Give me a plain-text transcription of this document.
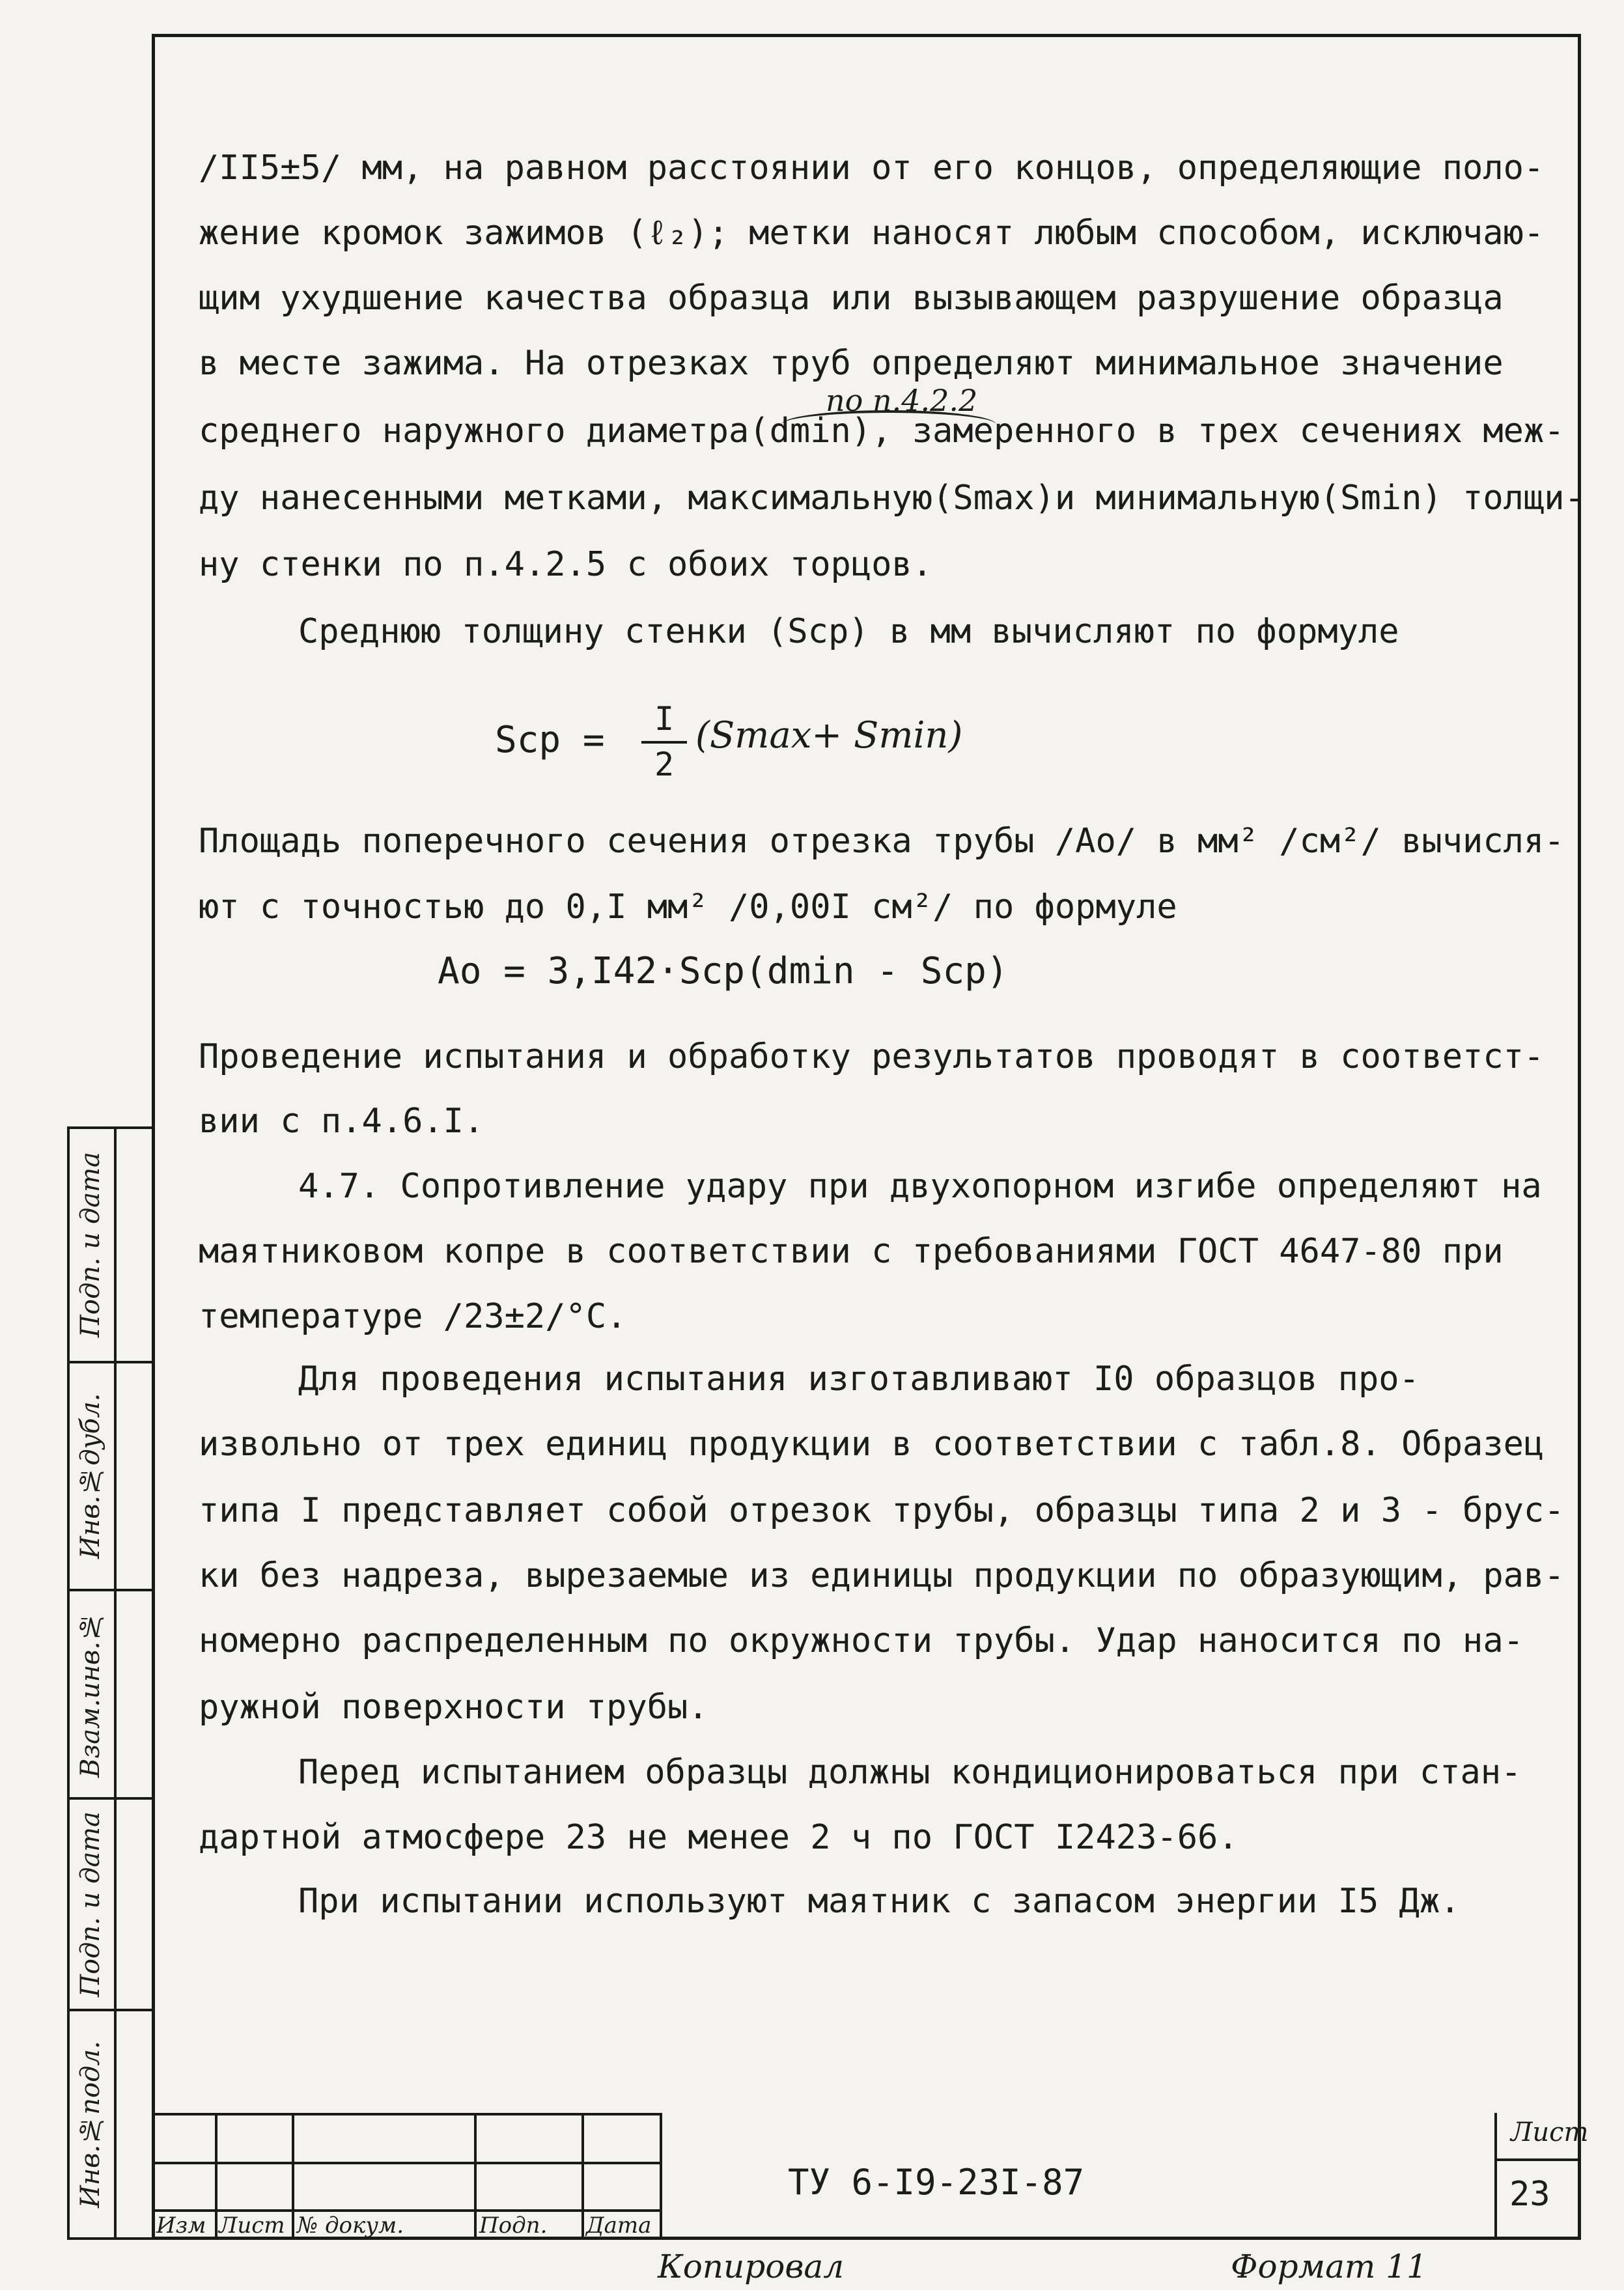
по п.4.2.2
/II5±5/ мм, на равном расстоянии от его концов, определяющие поло-
жение кромок зажимов (ℓ₂); метки наносят любым способом, исключаю-
щим ухудшение качества образца или вызывающем разрушение образца
в месте зажима. На отрезках труб определяют минимальное значение
среднего наружного диаметра(dmin), замеренного в трех сечениях меж-
ду нанесенными метками, максимальную(Smax)и минимальную(Smin) толщи-
ну стенки по п.4.2.5 с обоих торцов.
Среднюю толщину стенки (Sср) в мм вычисляют по формуле
Sср = I
2
(Smax+ Smin)
Площадь поперечного сечения отрезка трубы /Ао/ в мм² /см²/ вычисля-
ют с точностью до 0,I мм² /0,00I см²/ по формуле
Ao = 3,I42·Sср(dmin - Sср)
Проведение испытания и обработку результатов проводят в соответст-
вии с п.4.6.I.
4.7. Сопротивление удару при двухопорном изгибе определяют на
маятниковом копре в соответствии с требованиями ГОСТ 4647-80 при
температуре /23±2/°С.
Для проведения испытания изготавливают I0 образцов про-
извольно от трех единиц продукции в соответствии с табл.8. Образец
типа I представляет собой отрезок трубы, образцы типа 2 и 3 - брус-
ки без надреза, вырезаемые из единицы продукции по образующим, рав-
номерно распределенным по окружности трубы. Удар наносится по на-
ружной поверхности трубы.
Перед испытанием образцы должны кондиционироваться при стан-
дартной атмосфере 23 не менее 2 ч по ГОСТ I2423-66.
При испытании используют маятник с запасом энергии I5 Дж.
Подп. и дата
Инв.№дубл.
Взам.инв.№
Подп. и дата
Инв.№подл.
Изм Лист № докум.	Подп. Дата
ТУ 6-I9-23I-87
Лист
23
Копировал	Формат 11
